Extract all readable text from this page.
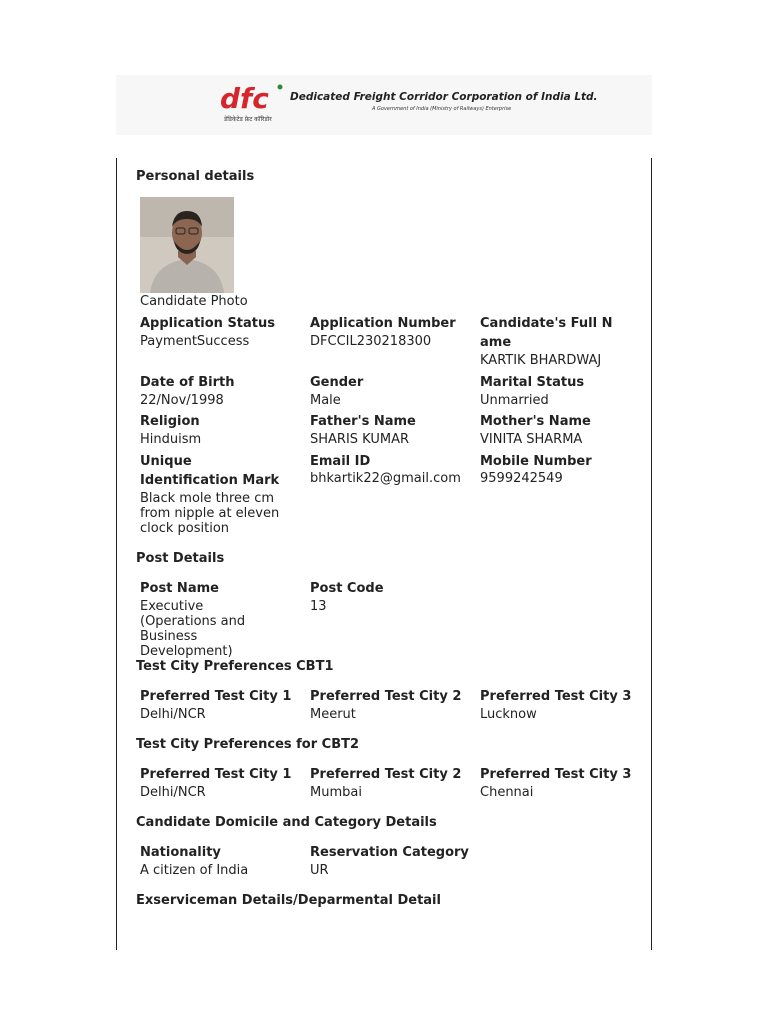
dfc
डेडिकेटेड फ्रेट कॉरिडोर
Dedicated Freight Corridor Corporation of India Ltd.
A Government of India (Ministry of Railways) Enterprise
Personal details
Candidate Photo
Application Status
PaymentSuccess
Application Number
DFCCIL230218300
Candidate's Full Name
KARTIK BHARDWAJ
Date of Birth
22/Nov/1998
Gender
Male
Marital Status
Unmarried
Religion
Hinduism
Father's Name
SHARIS KUMAR
Mother's Name
VINITA SHARMA
Unique Identification Mark
Black mole three cm from nipple at eleven clock position
Email ID
bhkartik22@gmail.com
Mobile Number
9599242549
Post Details
Post Name
Executive (Operations and Business Development)
Post Code
13
Test City Preferences CBT1
Preferred Test City 1
Delhi/NCR
Preferred Test City 2
Meerut
Preferred Test City 3
Lucknow
Test City Preferences for CBT2
Preferred Test City 1
Delhi/NCR
Preferred Test City 2
Mumbai
Preferred Test City 3
Chennai
Candidate Domicile and Category Details
Nationality
A citizen of India
Reservation Category
UR
Exserviceman Details/Deparmental Detail
